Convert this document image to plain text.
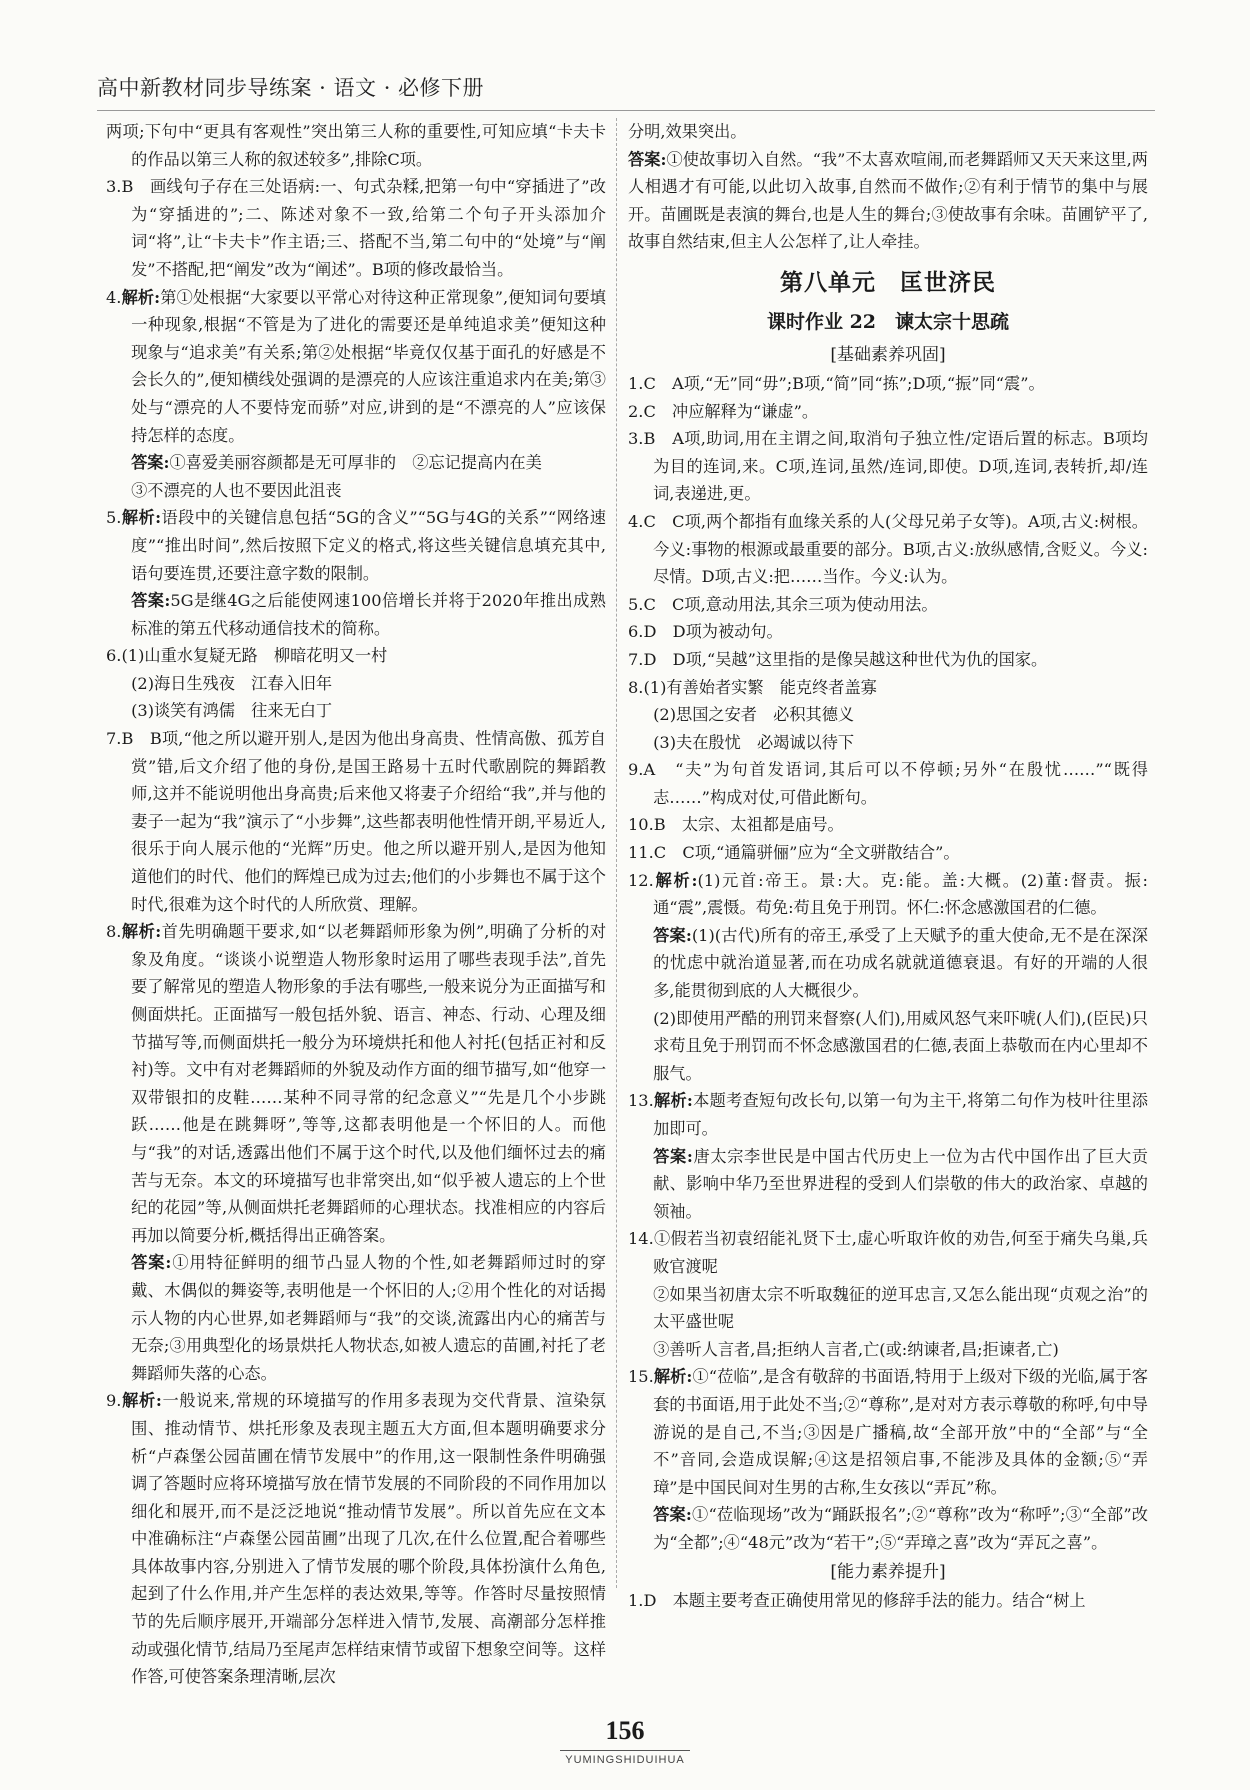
高中新教材同步导练案 · 语文 · 必修下册

两项;下句中“更具有客观性”突出第三人称的重要性,可知应填“卡夫卡的作品以第三人称的叙述较多”,排除C项。

3.B　画线句子存在三处语病:一、句式杂糅,把第一句中“穿插进了”改为“穿插进的”;二、陈述对象不一致,给第二个句子开头添加介词“将”,让“卡夫卡”作主语;三、搭配不当,第二句中的“处境”与“阐发”不搭配,把“阐发”改为“阐述”。B项的修改最恰当。

4.解析:第①处根据“大家要以平常心对待这种正常现象”,便知词句要填一种现象,根据“不管是为了进化的需要还是单纯追求美”便知这种现象与“追求美”有关系;第②处根据“毕竟仅仅基于面孔的好感是不会长久的”,便知横线处强调的是漂亮的人应该注重追求内在美;第③处与“漂亮的人不要恃宠而骄”对应,讲到的是“不漂亮的人”应该保持怎样的态度。

答案:①喜爱美丽容颜都是无可厚非的　②忘记提高内在美

③不漂亮的人也不要因此沮丧

5.解析:语段中的关键信息包括“5G的含义”“5G与4G的关系”“网络速度”“推出时间”,然后按照下定义的格式,将这些关键信息填充其中,语句要连贯,还要注意字数的限制。

答案:5G是继4G之后能使网速100倍增长并将于2020年推出成熟标准的第五代移动通信技术的简称。

6.(1)山重水复疑无路　柳暗花明又一村

(2)海日生残夜　江春入旧年

(3)谈笑有鸿儒　往来无白丁

7.B　B项,“他之所以避开别人,是因为他出身高贵、性情高傲、孤芳自赏”错,后文介绍了他的身份,是国王路易十五时代歌剧院的舞蹈教师,这并不能说明他出身高贵;后来他又将妻子介绍给“我”,并与他的妻子一起为“我”演示了“小步舞”,这些都表明他性情开朗,平易近人,很乐于向人展示他的“光辉”历史。他之所以避开别人,是因为他知道他们的时代、他们的辉煌已成为过去;他们的小步舞也不属于这个时代,很难为这个时代的人所欣赏、理解。

8.解析:首先明确题干要求,如“以老舞蹈师形象为例”,明确了分析的对象及角度。“谈谈小说塑造人物形象时运用了哪些表现手法”,首先要了解常见的塑造人物形象的手法有哪些,一般来说分为正面描写和侧面烘托。正面描写一般包括外貌、语言、神态、行动、心理及细节描写等,而侧面烘托一般分为环境烘托和他人衬托(包括正衬和反衬)等。文中有对老舞蹈师的外貌及动作方面的细节描写,如“他穿一双带银扣的皮鞋……某种不同寻常的纪念意义”“先是几个小步跳跃……他是在跳舞呀”,等等,这都表明他是一个怀旧的人。而他与“我”的对话,透露出他们不属于这个时代,以及他们缅怀过去的痛苦与无奈。本文的环境描写也非常突出,如“似乎被人遗忘的上个世纪的花园”等,从侧面烘托老舞蹈师的心理状态。找准相应的内容后再加以简要分析,概括得出正确答案。

答案:①用特征鲜明的细节凸显人物的个性,如老舞蹈师过时的穿戴、木偶似的舞姿等,表明他是一个怀旧的人;②用个性化的对话揭示人物的内心世界,如老舞蹈师与“我”的交谈,流露出内心的痛苦与无奈;③用典型化的场景烘托人物状态,如被人遗忘的苗圃,衬托了老舞蹈师失落的心态。

9.解析:一般说来,常规的环境描写的作用多表现为交代背景、渲染氛围、推动情节、烘托形象及表现主题五大方面,但本题明确要求分析“卢森堡公园苗圃在情节发展中”的作用,这一限制性条件明确强调了答题时应将环境描写放在情节发展的不同阶段的不同作用加以细化和展开,而不是泛泛地说“推动情节发展”。所以首先应在文本中准确标注“卢森堡公园苗圃”出现了几次,在什么位置,配合着哪些具体故事内容,分别进入了情节发展的哪个阶段,具体扮演什么角色,起到了什么作用,并产生怎样的表达效果,等等。作答时尽量按照情节的先后顺序展开,开端部分怎样进入情节,发展、高潮部分怎样推动或强化情节,结局乃至尾声怎样结束情节或留下想象空间等。这样作答,可使答案条理清晰,层次

分明,效果突出。

答案:①使故事切入自然。“我”不太喜欢喧闹,而老舞蹈师又天天来这里,两人相遇才有可能,以此切入故事,自然而不做作;②有利于情节的集中与展开。苗圃既是表演的舞台,也是人生的舞台;③使故事有余味。苗圃铲平了,故事自然结束,但主人公怎样了,让人牵挂。

第八单元　匡世济民
课时作业 22　谏太宗十思疏
[基础素养巩固]

1.C　A项,“无”同“毋”;B项,“简”同“拣”;D项,“振”同“震”。

2.C　冲应解释为“谦虚”。

3.B　A项,助词,用在主谓之间,取消句子独立性/定语后置的标志。B项均为目的连词,来。C项,连词,虽然/连词,即使。D项,连词,表转折,却/连词,表递进,更。

4.C　C项,两个都指有血缘关系的人(父母兄弟子女等)。A项,古义:树根。今义:事物的根源或最重要的部分。B项,古义:放纵感情,含贬义。今义:尽情。D项,古义:把……当作。今义:认为。

5.C　C项,意动用法,其余三项为使动用法。

6.D　D项为被动句。

7.D　D项,“吴越”这里指的是像吴越这种世代为仇的国家。

8.(1)有善始者实繁　能克终者盖寡

(2)思国之安者　必积其德义

(3)夫在殷忧　必竭诚以待下

9.A　“夫”为句首发语词,其后可以不停顿;另外“在殷忧……”“既得志……”构成对仗,可借此断句。

10.B　太宗、太祖都是庙号。

11.C　C项,“通篇骈俪”应为“全文骈散结合”。

12.解析:(1)元首:帝王。景:大。克:能。盖:大概。(2)董:督责。振:通“震”,震慑。苟免:苟且免于刑罚。怀仁:怀念感激国君的仁德。

答案:(1)(古代)所有的帝王,承受了上天赋予的重大使命,无不是在深深的忧虑中就治道显著,而在功成名就就道德衰退。有好的开端的人很多,能贯彻到底的人大概很少。

(2)即使用严酷的刑罚来督察(人们),用威风怒气来吓唬(人们),(臣民)只求苟且免于刑罚而不怀念感激国君的仁德,表面上恭敬而在内心里却不服气。

13.解析:本题考查短句改长句,以第一句为主干,将第二句作为枝叶往里添加即可。

答案:唐太宗李世民是中国古代历史上一位为古代中国作出了巨大贡献、影响中华乃至世界进程的受到人们崇敬的伟大的政治家、卓越的领袖。

14.①假若当初袁绍能礼贤下士,虚心听取许攸的劝告,何至于痛失乌巢,兵败官渡呢

②如果当初唐太宗不听取魏征的逆耳忠言,又怎么能出现“贞观之治”的太平盛世呢

③善听人言者,昌;拒纳人言者,亡(或:纳谏者,昌;拒谏者,亡)

15.解析:①“莅临”,是含有敬辞的书面语,特用于上级对下级的光临,属于客套的书面语,用于此处不当;②“尊称”,是对对方表示尊敬的称呼,句中导游说的是自己,不当;③因是广播稿,故“全部开放”中的“全部”与“全不”音同,会造成误解;④这是招领启事,不能涉及具体的金额;⑤“弄璋”是中国民间对生男的古称,生女孩以“弄瓦”称。

答案:①“莅临现场”改为“踊跃报名”;②“尊称”改为“称呼”;③“全部”改为“全都”;④“48元”改为“若干”;⑤“弄璋之喜”改为“弄瓦之喜”。

[能力素养提升]

1.D　本题主要考查正确使用常见的修辞手法的能力。结合“树上

156
YUMINGSHIDUIHUA
